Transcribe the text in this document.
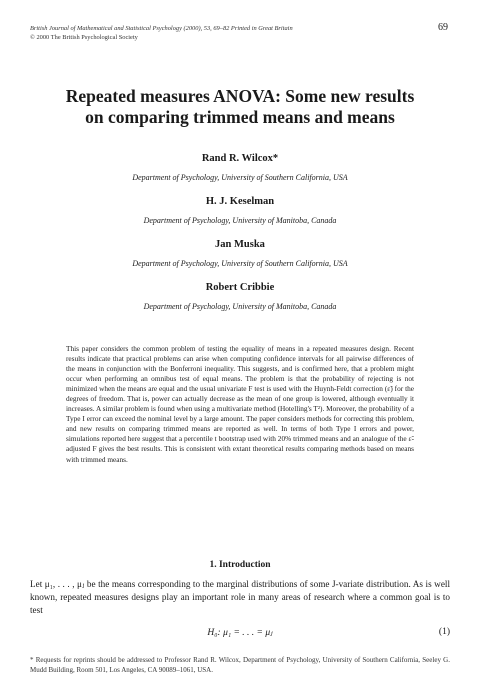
British Journal of Mathematical and Statistical Psychology (2000), 53, 69–82 Printed in Great Britain
© 2000 The British Psychological Society
69
Repeated measures ANOVA: Some new results
on comparing trimmed means and means
Rand R. Wilcox*
Department of Psychology, University of Southern California, USA
H. J. Keselman
Department of Psychology, University of Manitoba, Canada
Jan Muska
Department of Psychology, University of Southern California, USA
Robert Cribbie
Department of Psychology, University of Manitoba, Canada
This paper considers the common problem of testing the equality of means in a repeated measures design. Recent results indicate that practical problems can arise when computing confidence intervals for all pairwise differences of the means in conjunction with the Bonferroni inequality. This suggests, and is confirmed here, that a problem might occur when performing an omnibus test of equal means. The problem is that the probability of rejecting is not minimized when the means are equal and the usual univariate F test is used with the Huynh-Feldt correction (ε̃) for the degrees of freedom. That is, power can actually decrease as the mean of one group is lowered, although eventually it increases. A similar problem is found when using a multivariate method (Hotelling's T²). Moreover, the probability of a Type I error can exceed the nominal level by a large amount. The paper considers methods for correcting this problem, and new results on comparing trimmed means are reported as well. In terms of both Type I errors and power, simulations reported here suggest that a percentile t bootstrap used with 20% trimmed means and an analogue of the ε̃-adjusted F gives the best results. This is consistent with extant theoretical results comparing methods based on means with trimmed means.
1. Introduction
Let μ₁, . . . , μⱼ be the means corresponding to the marginal distributions of some J-variate distribution. As is well known, repeated measures designs play an important role in many areas of research where a common goal is to test
H₀: μ₁ = . . . = μⱼ	(1)
* Requests for reprints should be addressed to Professor Rand R. Wilcox, Department of Psychology, University of Southern California, Seeley G. Mudd Building, Room 501, Los Angeles, CA 90089–1061, USA.
